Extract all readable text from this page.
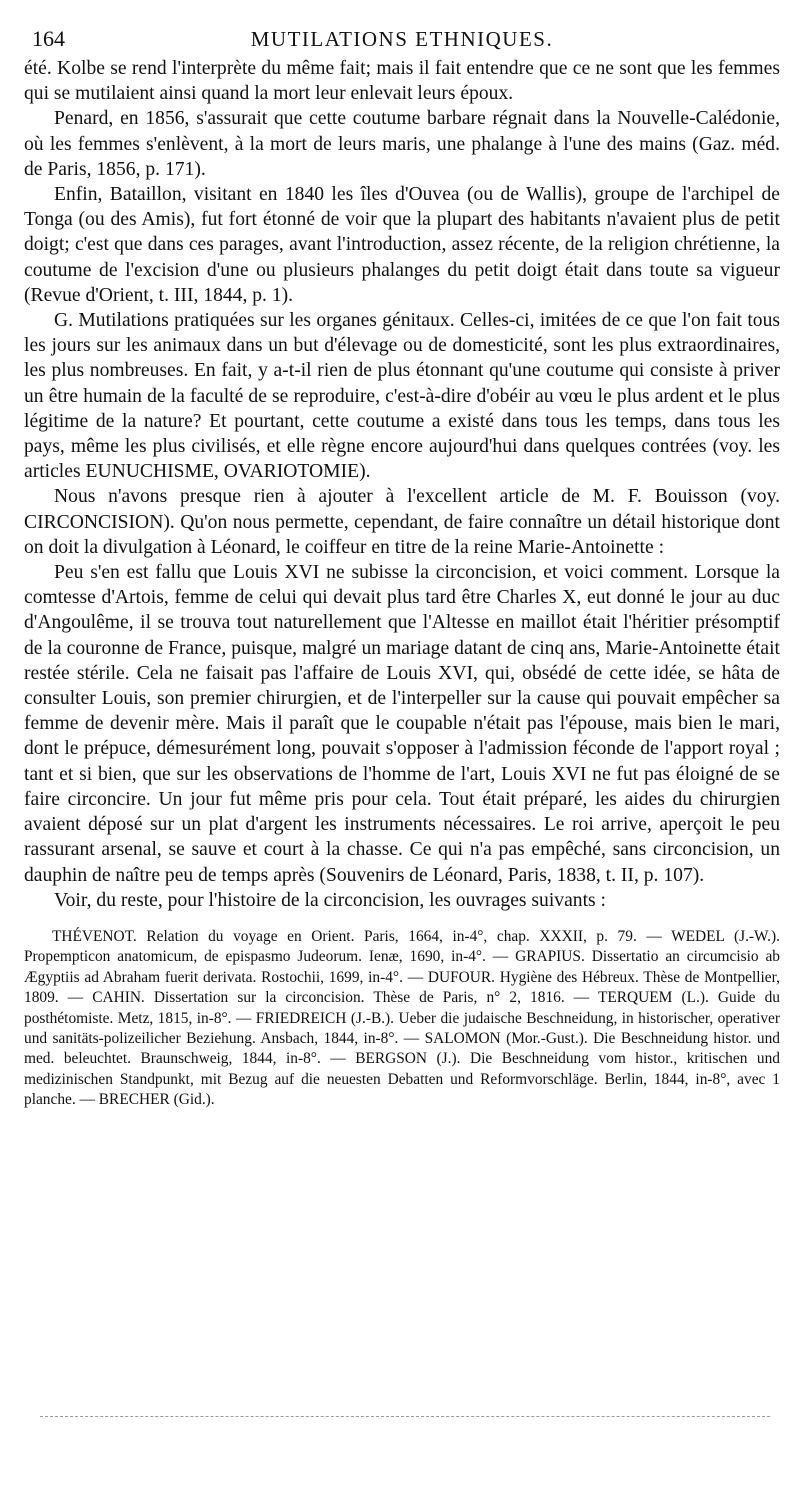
164	MUTILATIONS ETHNIQUES.

été. Kolbe se rend l'interprète du même fait; mais il fait entendre que ce ne sont que les femmes qui se mutilaient ainsi quand la mort leur enlevait leurs époux.

Penard, en 1856, s'assurait que cette coutume barbare régnait dans la Nouvelle-Calédonie, où les femmes s'enlèvent, à la mort de leurs maris, une phalange à l'une des mains (Gaz. méd. de Paris, 1856, p. 171).

Enfin, Bataillon, visitant en 1840 les îles d'Ouvea (ou de Wallis), groupe de l'archipel de Tonga (ou des Amis), fut fort étonné de voir que la plupart des habitants n'avaient plus de petit doigt; c'est que dans ces parages, avant l'introduction, assez récente, de la religion chrétienne, la coutume de l'excision d'une ou plusieurs phalanges du petit doigt était dans toute sa vigueur (Revue d'Orient, t. III, 1844, p. 1).

G. Mutilations pratiquées sur les organes génitaux. Celles-ci, imitées de ce que l'on fait tous les jours sur les animaux dans un but d'élevage ou de domesticité, sont les plus extraordinaires, les plus nombreuses. En fait, y a-t-il rien de plus étonnant qu'une coutume qui consiste à priver un être humain de la faculté de se reproduire, c'est-à-dire d'obéir au vœu le plus ardent et le plus légitime de la nature? Et pourtant, cette coutume a existé dans tous les temps, dans tous les pays, même les plus civilisés, et elle règne encore aujourd'hui dans quelques contrées (voy. les articles EUNUCHISME, OVARIOTOMIE).

Nous n'avons presque rien à ajouter à l'excellent article de M. F. Bouisson (voy. CIRCONCISION). Qu'on nous permette, cependant, de faire connaître un détail historique dont on doit la divulgation à Léonard, le coiffeur en titre de la reine Marie-Antoinette :

Peu s'en est fallu que Louis XVI ne subisse la circoncision, et voici comment. Lorsque la comtesse d'Artois, femme de celui qui devait plus tard être Charles X, eut donné le jour au duc d'Angoulême, il se trouva tout naturellement que l'Altesse en maillot était l'héritier présomptif de la couronne de France, puisque, malgré un mariage datant de cinq ans, Marie-Antoinette était restée stérile. Cela ne faisait pas l'affaire de Louis XVI, qui, obsédé de cette idée, se hâta de consulter Louis, son premier chirurgien, et de l'interpeller sur la cause qui pouvait empêcher sa femme de devenir mère. Mais il paraît que le coupable n'était pas l'épouse, mais bien le mari, dont le prépuce, démesurément long, pouvait s'opposer à l'admission féconde de l'apport royal ; tant et si bien, que sur les observations de l'homme de l'art, Louis XVI ne fut pas éloigné de se faire circoncire. Un jour fut même pris pour cela. Tout était préparé, les aides du chirurgien avaient déposé sur un plat d'argent les instruments nécessaires. Le roi arrive, aperçoit le peu rassurant arsenal, se sauve et court à la chasse. Ce qui n'a pas empêché, sans circoncision, un dauphin de naître peu de temps après (Souvenirs de Léonard, Paris, 1838, t. II, p. 107).

Voir, du reste, pour l'histoire de la circoncision, les ouvrages suivants :

THÉVENOT. Relation du voyage en Orient. Paris, 1664, in-4°, chap. XXXII, p. 79. — WEDEL (J.-W.). Propempticon anatomicum, de epispasmo Judeorum. Ienæ, 1690, in-4°. — GRAPIUS. Dissertatio an circumcisio ab Ægyptiis ad Abraham fuerit derivata. Rostochii, 1699, in-4°. — DUFOUR. Hygiène des Hébreux. Thèse de Montpellier, 1809. — CAHIN. Dissertation sur la circoncision. Thèse de Paris, n° 2, 1816. — TERQUEM (L.). Guide du posthétomiste. Metz, 1815, in-8°. — FRIEDREICH (J.-B.). Ueber die judaische Beschneidung, in historischer, operativer und sanitäts-polizeilicher Beziehung. Ansbach, 1844, in-8°. — SALOMON (Mor.-Gust.). Die Beschneidung histor. und med. beleuchtet. Braunschweig, 1844, in-8°. — BERGSON (J.). Die Beschneidung vom histor., kritischen und medizinischen Standpunkt, mit Bezug auf die neuesten Debatten und Reformvorschläge. Berlin, 1844, in-8°, avec 1 planche. — BRECHER (Gid.).
